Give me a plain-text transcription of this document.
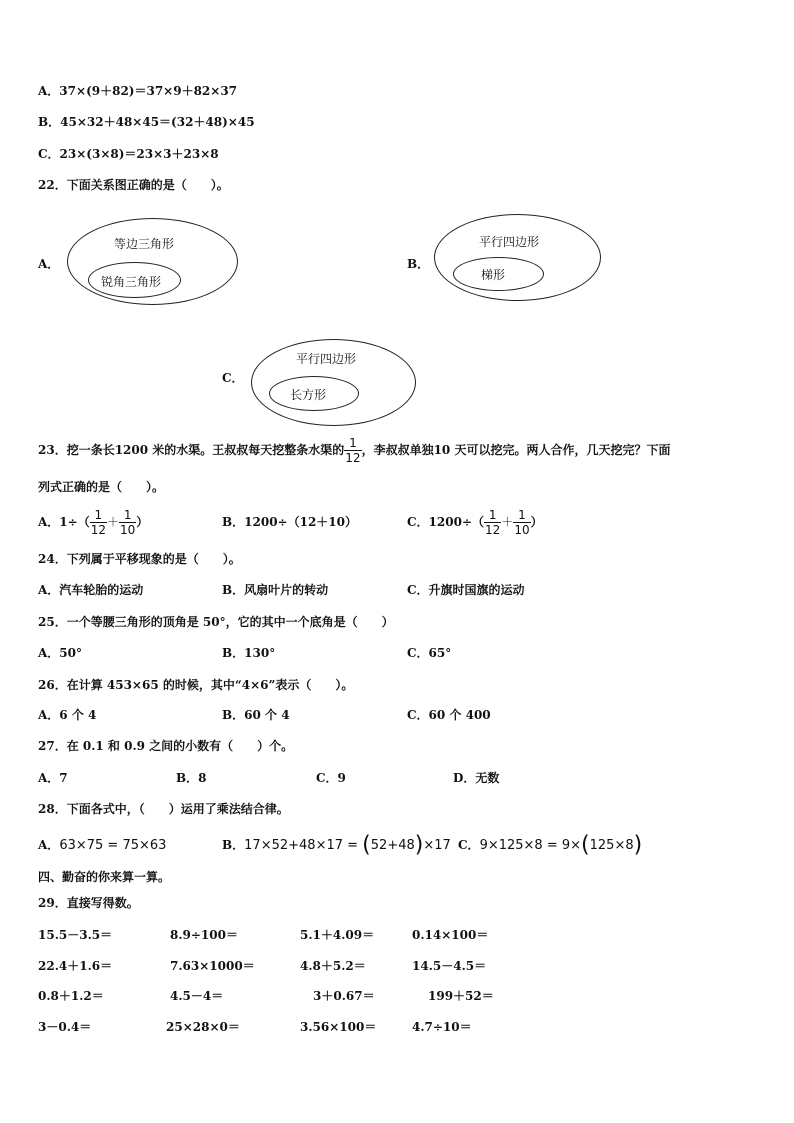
A．37×(9＋82)＝37×9＋82×37
B．45×32＋48×45＝(32＋48)×45
C．23×(3×8)＝23×3＋23×8
22．下面关系图正确的是（　　）。
A．
等边三角形
锐角三角形
B．
平行四边形
梯形
C．
平行四边形
长方形
23．挖一条长1200 米的水渠。王叔叔每天挖整条水渠的 $\frac{1}{12}$ ，李叔叔单独10 天可以挖完。两人合作，几天挖完？下面
列式正确的是（　　）。
A．$1\div( \frac{1}{12} + \frac{1}{10}$ ）	B．1200÷（12＋10）	C．$1200\div( \frac{1}{12} + \frac{1}{10}$ ）
24．下列属于平移现象的是（　　）。
A．汽车轮胎的运动	B．风扇叶片的转动	C．升旗时国旗的运动
25．一个等腰三角形的顶角是 50°，它的其中一个底角是（　　）
A．50°	B．130°	C．65°
26．在计算 453×65 的时候，其中“4×6”表示（　　）。
A．6 个 4	B．60 个 4	C．60 个 400
27．在 0.1 和 0.9 之间的小数有（　　）个。
A．7	B．8	C．9	D．无数
28．下面各式中，（　　）运用了乘法结合律。
A．63×75 = 75×63	B．17×52+48×17 = (52+48)×17 C．9×125×8 = 9×(125×8)
四、勤奋的你来算一算。
29．直接写得数。
15.5－3.5＝	8.9÷100＝	5.1＋4.09＝	0.14×100＝
22.4＋1.6＝	7.63×1000＝	4.8＋5.2＝	14.5－4.5＝
0.8＋1.2＝	4.5－4＝	3＋0.67＝	199＋52＝
3－0.4＝	25×28×0＝	3.56×100＝	4.7÷10＝
